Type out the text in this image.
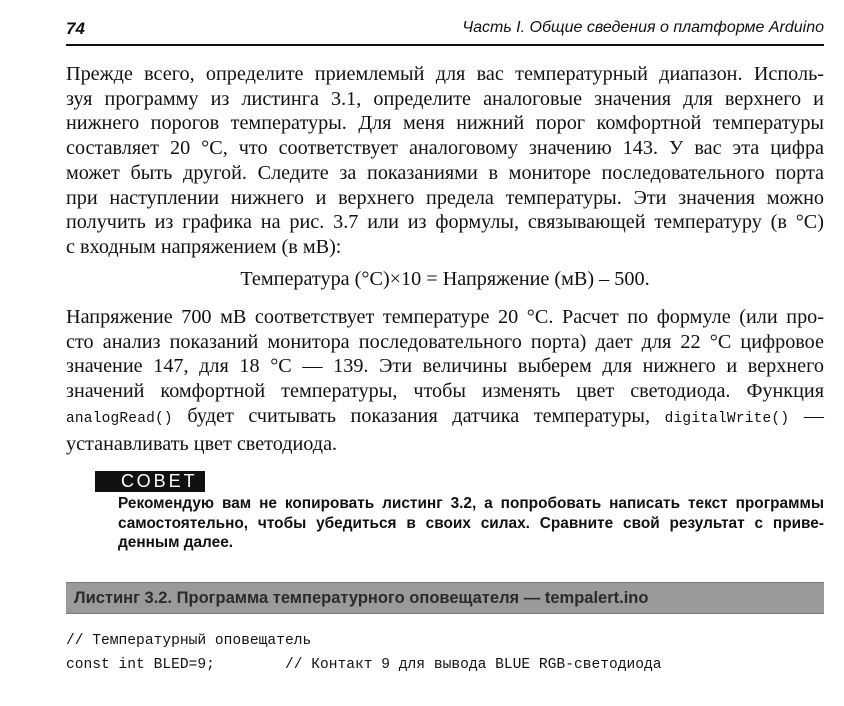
74	Часть I. Общие сведения о платформе Arduino
Прежде всего, определите приемлемый для вас температурный диапазон. Исполь-
зуя программу из листинга 3.1, определите аналоговые значения для верхнего и
нижнего порогов температуры. Для меня нижний порог комфортной температуры
составляет 20 °С, что соответствует аналоговому значению 143. У вас эта цифра
может быть другой. Следите за показаниями в мониторе последовательного порта
при наступлении нижнего и верхнего предела температуры. Эти значения можно
получить из графика на рис. 3.7 или из формулы, связывающей температуру (в °С)
с входным напряжением (в мВ):
Температура (°С)×10 = Напряжение (мВ) – 500.
Напряжение 700 мВ соответствует температуре 20 °С. Расчет по формуле (или про-
сто анализ показаний монитора последовательного порта) дает для 22 °С цифровое
значение 147, для 18 °С — 139. Эти величины выберем для нижнего и верхнего
значений комфортной температуры, чтобы изменять цвет светодиода. Функция
analogRead() будет считывать показания датчика температуры, digitalWrite() —
устанавливать цвет светодиода.
СОВЕТ
Рекомендую вам не копировать листинг 3.2, а попробовать написать текст программы
самостоятельно, чтобы убедиться в своих силах. Сравните свой результат с приве-
денным далее.
Листинг 3.2. Программа температурного оповещателя — tempalert.ino
// Температурный оповещатель
const int BLED=9;        // Контакт 9 для вывода BLUE RGB-светодиода
